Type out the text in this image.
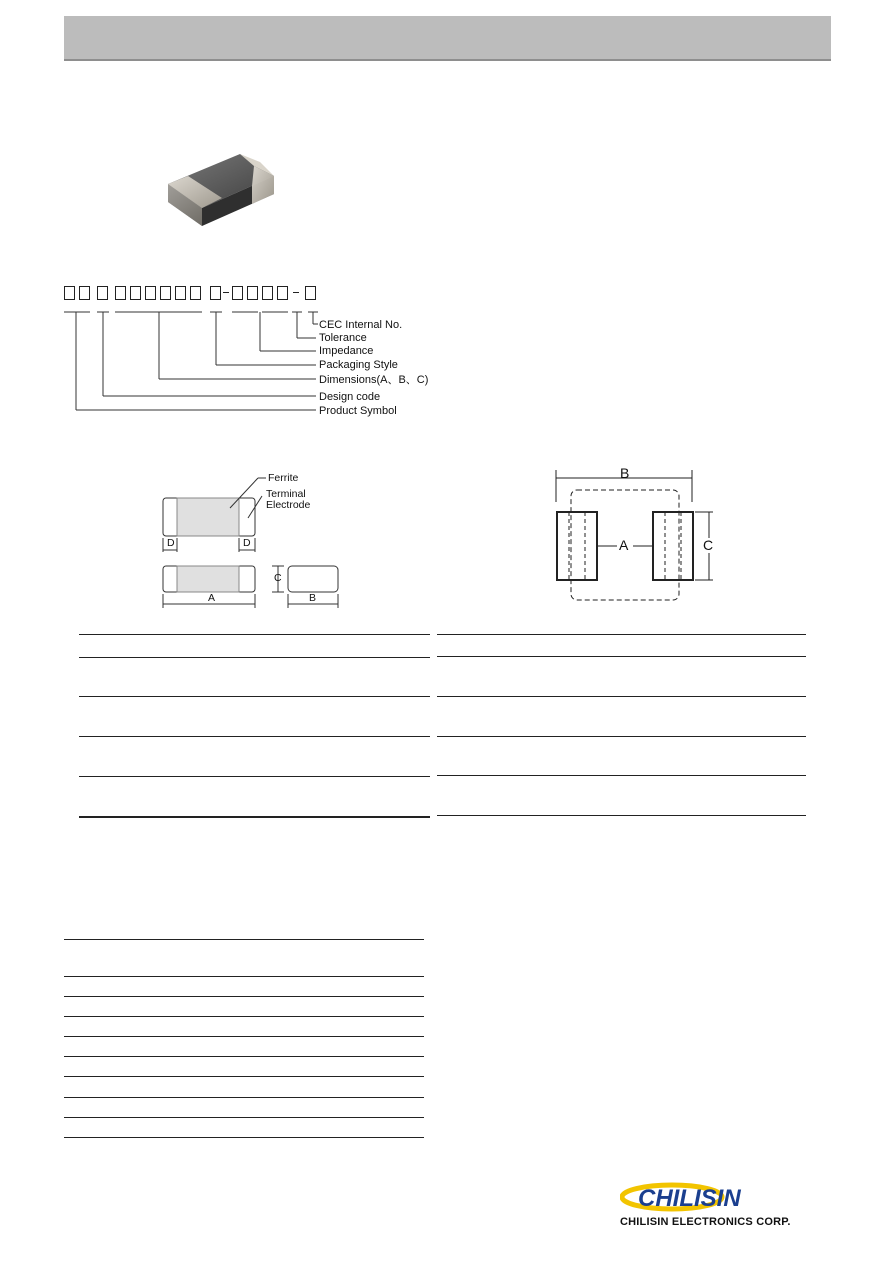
CEC Internal No.
Tolerance
Impedance
Packaging Style
Dimensions(A、B、C)
Design code
Product Symbol
Ferrite
Terminal
Electrode
D	D
A
C
B
B
A	C
CHILISIN
CHILISIN ELECTRONICS CORP.
